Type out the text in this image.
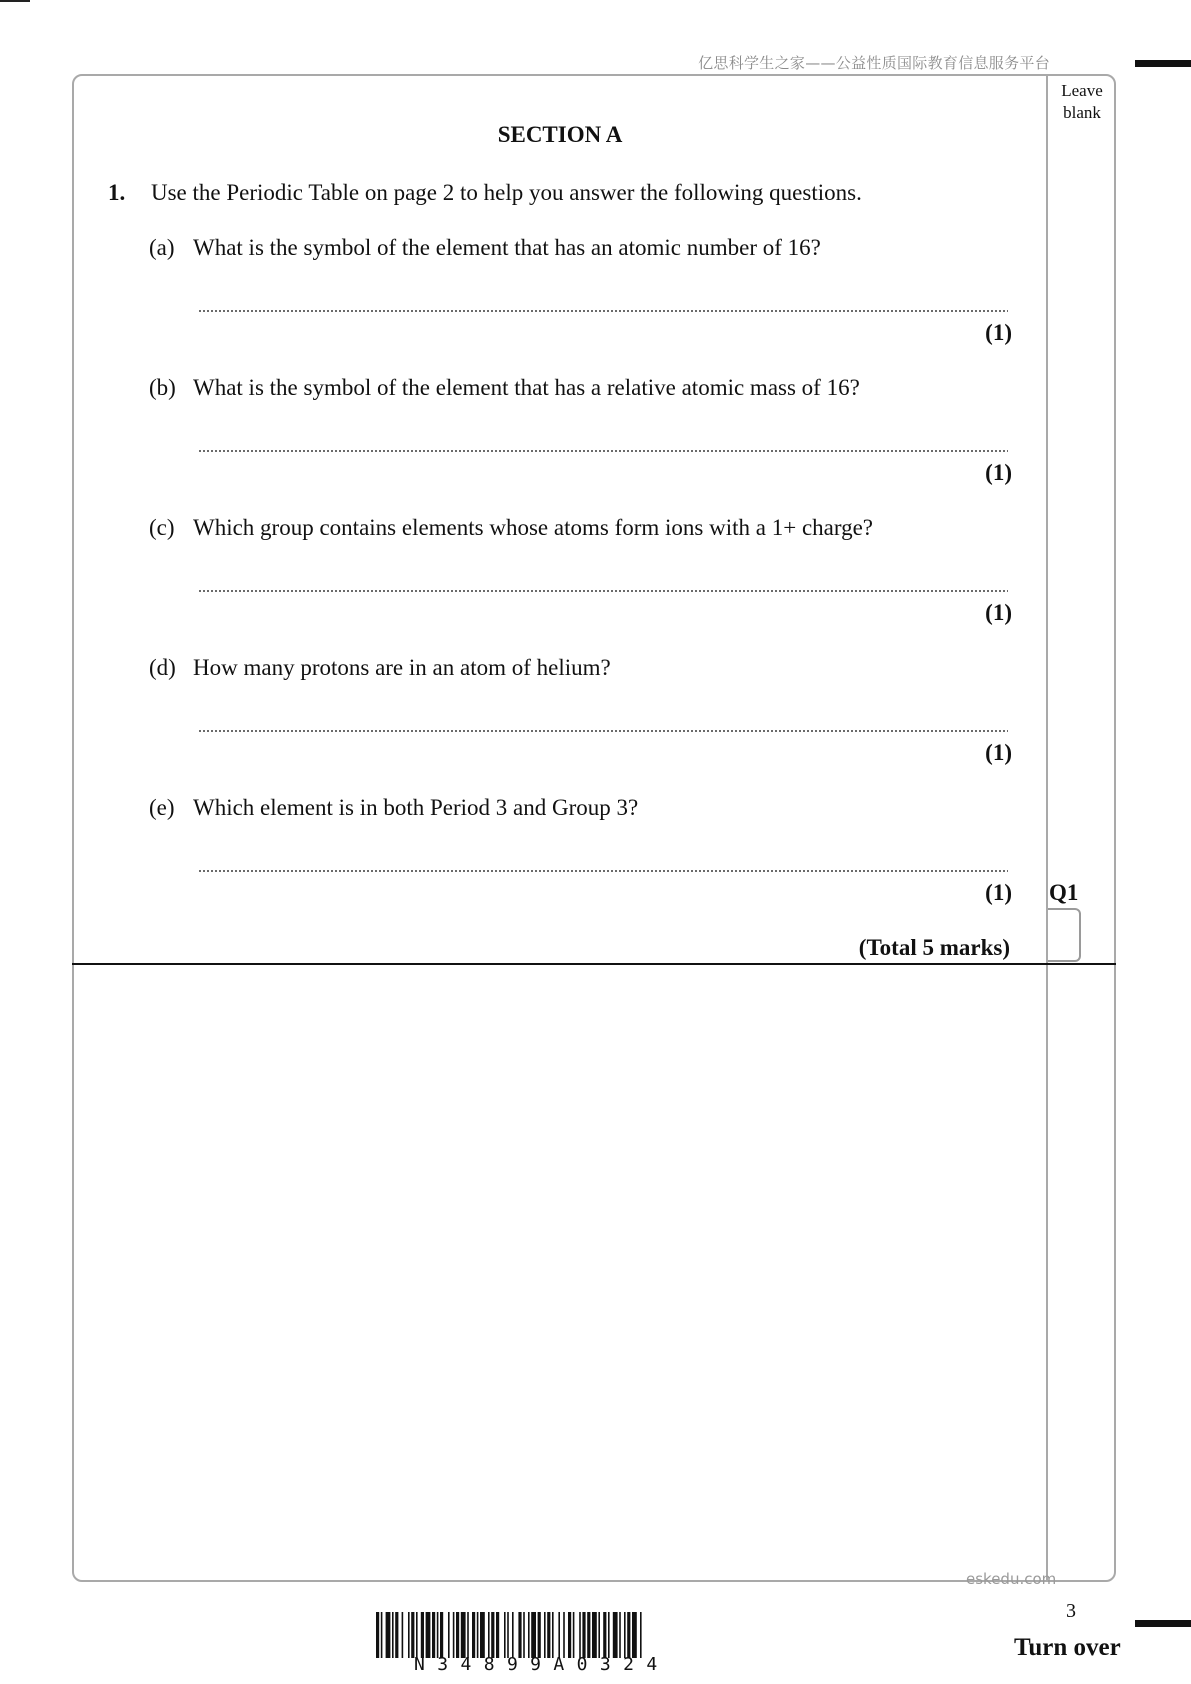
亿思科学生之家——公益性质国际教育信息服务平台
Leave
blank
SECTION A
1. Use the Periodic Table on page 2 to help you answer the following questions.
(a) What is the symbol of the element that has an atomic number of 16?
(1)
(b) What is the symbol of the element that has a relative atomic mass of 16?
(1)
(c) Which group contains elements whose atoms form ions with a 1+ charge?
(1)
(d) How many protons are in an atom of helium?
(1)
(e) Which element is in both Period 3 and Group 3?
(1) Q1
(Total 5 marks)
eskedu.com
3
Turn over
N34899A0324
